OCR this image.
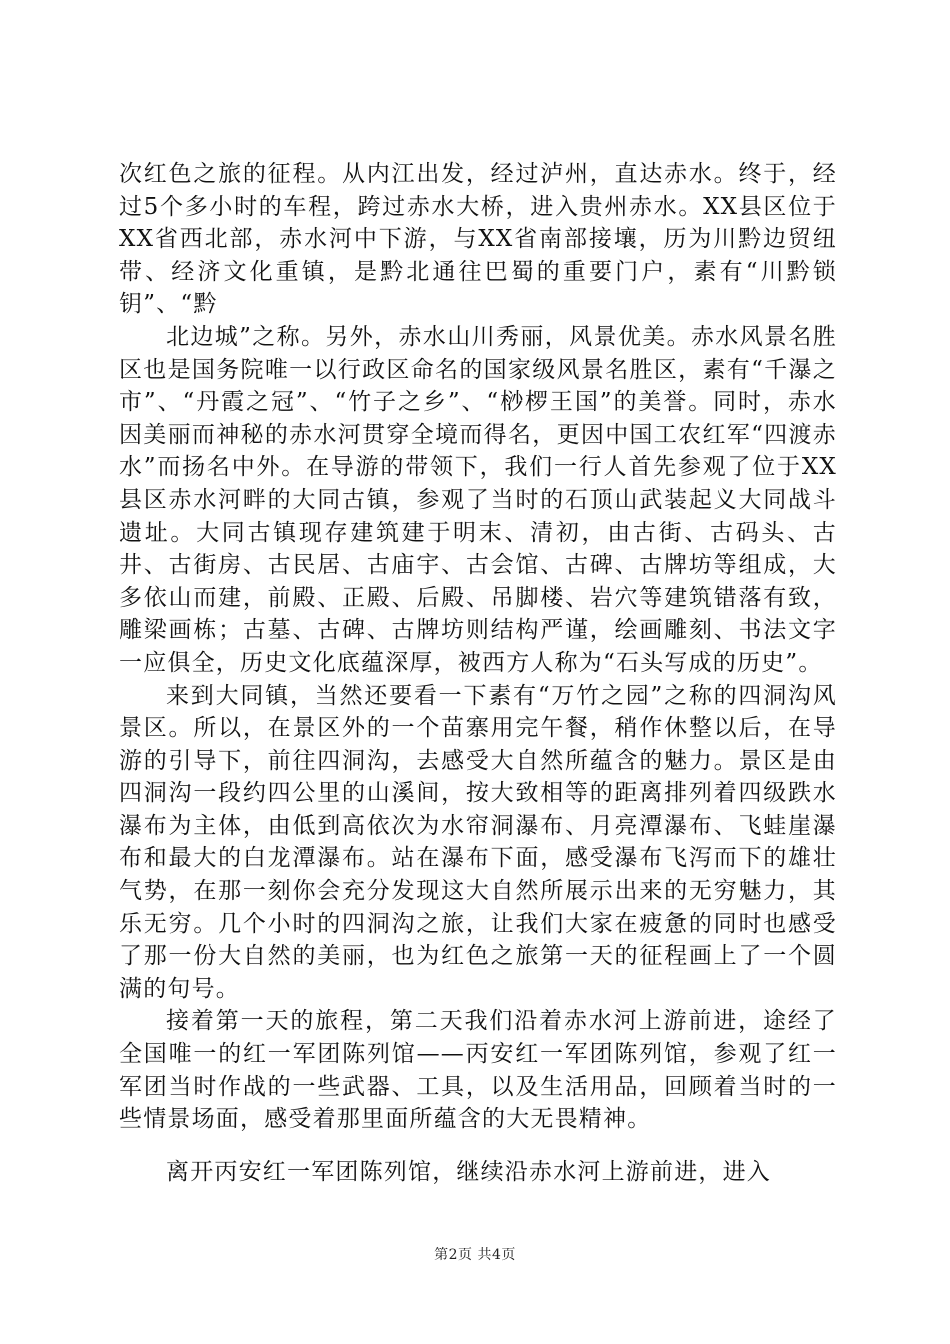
次红色之旅的征程。从内江出发，经过泸州，直达赤水。终于，经过5个多小时的车程，跨过赤水大桥，进入贵州赤水。XX县区位于XX省西北部，赤水河中下游，与XX省南部接壤，历为川黔边贸纽带、经济文化重镇，是黔北通往巴蜀的重要门户，素有“川黔锁钥”、“黔

北边城”之称。另外，赤水山川秀丽，风景优美。赤水风景名胜区也是国务院唯一以行政区命名的国家级风景名胜区，素有“千瀑之市”、“丹霞之冠”、“竹子之乡”、“桫椤王国”的美誉。同时，赤水因美丽而神秘的赤水河贯穿全境而得名，更因中国工农红军“四渡赤水”而扬名中外。在导游的带领下，我们一行人首先参观了位于XX县区赤水河畔的大同古镇，参观了当时的石顶山武装起义大同战斗遗址。大同古镇现存建筑建于明末、清初，由古街、古码头、古井、古街房、古民居、古庙宇、古会馆、古碑、古牌坊等组成，大多依山而建，前殿、正殿、后殿、吊脚楼、岩穴等建筑错落有致，雕梁画栋；古墓、古碑、古牌坊则结构严谨，绘画雕刻、书法文字一应俱全，历史文化底蕴深厚，被西方人称为“石头写成的历史”。

来到大同镇，当然还要看一下素有“万竹之园”之称的四洞沟风景区。所以，在景区外的一个苗寨用完午餐，稍作休整以后，在导游的引导下，前往四洞沟，去感受大自然所蕴含的魅力。景区是由四洞沟一段约四公里的山溪间，按大致相等的距离排列着四级跌水瀑布为主体，由低到高依次为水帘洞瀑布、月亮潭瀑布、飞蛙崖瀑布和最大的白龙潭瀑布。站在瀑布下面，感受瀑布飞泻而下的雄壮气势，在那一刻你会充分发现这大自然所展示出来的无穷魅力，其乐无穷。几个小时的四洞沟之旅，让我们大家在疲惫的同时也感受了那一份大自然的美丽，也为红色之旅第一天的征程画上了一个圆满的句号。

接着第一天的旅程，第二天我们沿着赤水河上游前进，途经了全国唯一的红一军团陈列馆——丙安红一军团陈列馆，参观了红一军团当时作战的一些武器、工具，以及生活用品，回顾着当时的一些情景场面，感受着那里面所蕴含的大无畏精神。

离开丙安红一军团陈列馆，继续沿赤水河上游前进，进入

第2页 共4页
